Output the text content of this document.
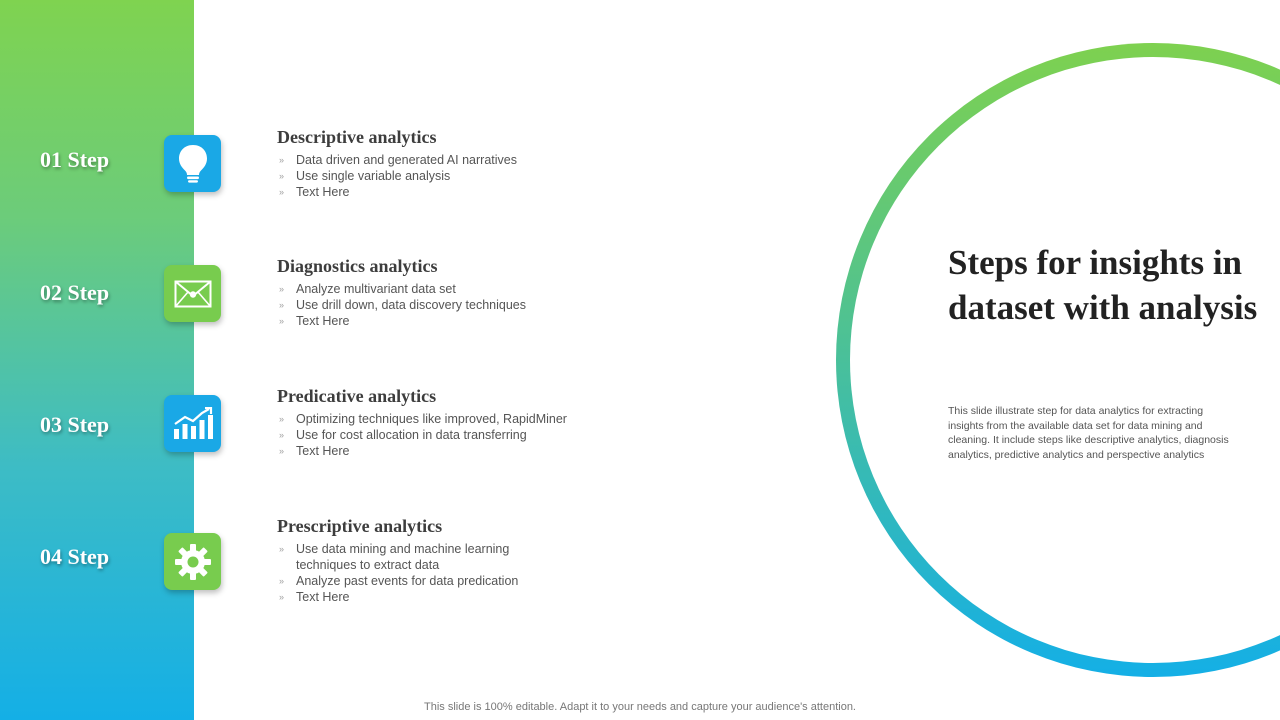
01 Step
Descriptive analytics
» Data driven and generated AI narratives
» Use single variable analysis
» Text Here
02 Step
Diagnostics analytics
» Analyze multivariant data set
» Use drill down, data discovery techniques
» Text Here
03 Step
Predicative analytics
» Optimizing techniques like improved, RapidMiner
» Use for cost allocation in data transferring
» Text Here
04 Step
Prescriptive analytics
» Use data mining and machine learning techniques to extract data
» Analyze past events for data predication
» Text Here
Steps for insights in dataset with analysis

This slide illustrate step for data analytics for extracting insights from the available data set for data mining and cleaning. It include steps like descriptive analytics, diagnosis analytics, predictive analytics and perspective analytics

This slide is 100% editable. Adapt it to your needs and capture your audience's attention.
